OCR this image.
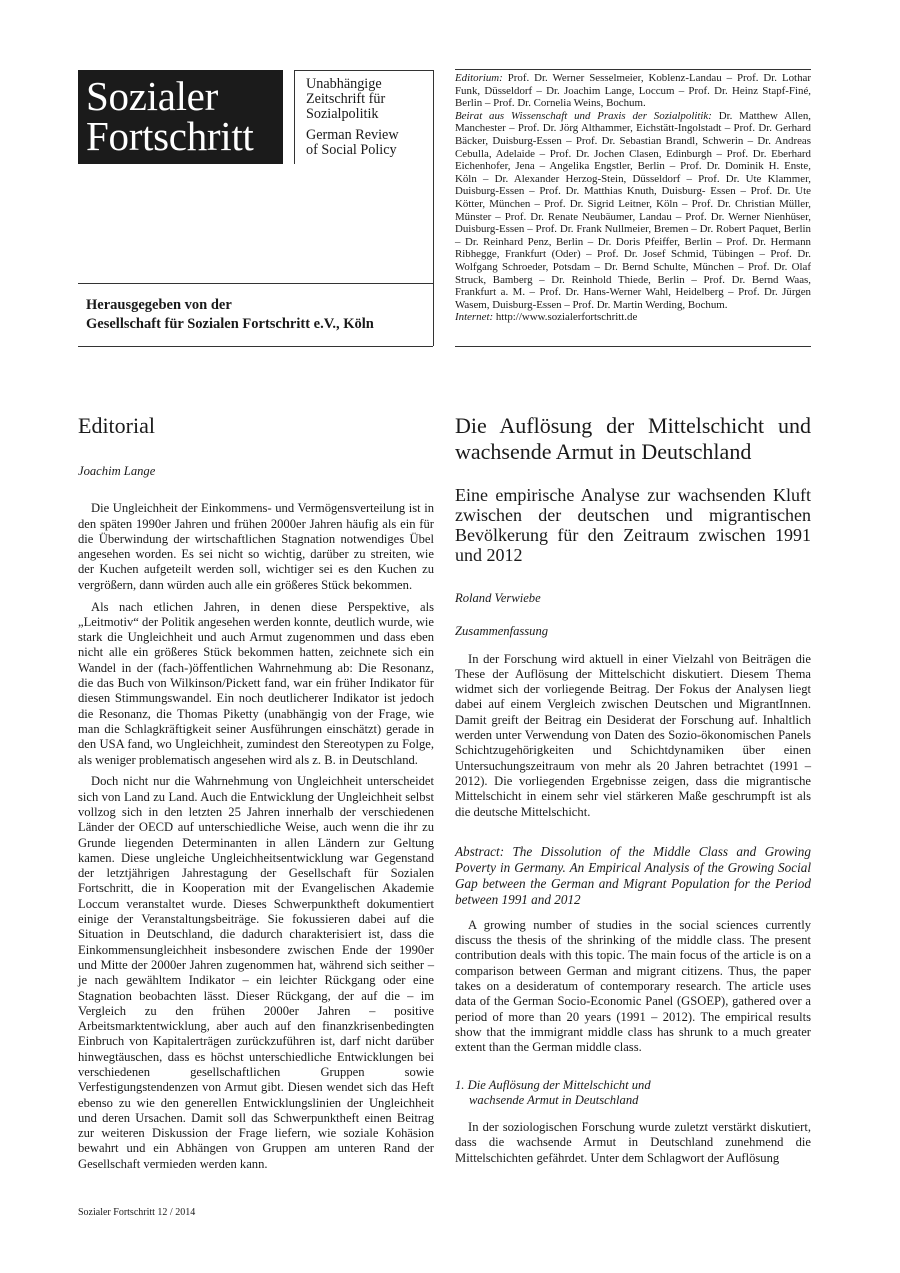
Sozialer
Fortschritt

Unabhängige

Zeitschrift für

Sozialpolitik

German Review

of Social Policy

Herausgegeben von der
Gesellschaft für Sozialen Fortschritt e.V., Köln

Editorium: Prof. Dr. Werner Sesselmeier, Koblenz-Landau – Prof. Dr. Lothar Funk, Düsseldorf – Dr. Joachim Lange, Loccum – Prof. Dr. Heinz Stapf-Finé, Berlin – Prof. Dr. Cornelia Weins, Bochum.

Beirat aus Wissenschaft und Praxis der Sozialpolitik: Dr. Matthew Allen, Manchester – Prof. Dr. Jörg Althammer, Eichstätt-Ingolstadt – Prof. Dr. Gerhard Bäcker, Duisburg-Essen – Prof. Dr. Sebastian Brandl, Schwerin – Dr. Andreas Cebulla, Adelaide – Prof. Dr. Jochen Clasen, Edinburgh – Prof. Dr. Eberhard Eichenhofer, Jena – Angelika Engstler, Berlin – Prof. Dr. Dominik H. Enste, Köln – Dr. Alexander Herzog-Stein, Düsseldorf – Prof. Dr. Ute Klammer, Duisburg-Essen – Prof. Dr. Matthias Knuth, Duisburg- Essen – Prof. Dr. Ute Kötter, München – Prof. Dr. Sigrid Leitner, Köln – Prof. Dr. Christian Müller, Münster – Prof. Dr. Renate Neubäumer, Landau – Prof. Dr. Werner Nienhüser, Duisburg-Essen – Prof. Dr. Frank Nullmeier, Bremen – Dr. Robert Paquet, Berlin – Dr. Reinhard Penz, Berlin – Dr. Doris Pfeiffer, Berlin – Prof. Dr. Hermann Ribhegge, Frankfurt (Oder) – Prof. Dr. Josef Schmid, Tübingen – Prof. Dr. Wolfgang Schroeder, Potsdam – Dr. Bernd Schulte, München – Prof. Dr. Olaf Struck, Bamberg – Dr. Reinhold Thiede, Berlin – Prof. Dr. Bernd Waas, Frankfurt a. M. – Prof. Dr. Hans-Werner Wahl, Heidelberg – Prof. Dr. Jürgen Wasem, Duisburg-Essen – Prof. Dr. Martin Werding, Bochum.

Internet: http://www.sozialerfortschritt.de

Editorial
Joachim Lange

Die Ungleichheit der Einkommens- und Vermögensverteilung ist in den späten 1990er Jahren und frühen 2000er Jahren häufig als ein für die Überwindung der wirtschaftlichen Stagnation notwendiges Übel angesehen worden. Es sei nicht so wichtig, darüber zu streiten, wie der Kuchen aufgeteilt werden soll, wichtiger sei es den Kuchen zu vergrößern, dann würden auch alle ein größeres Stück bekommen.

Als nach etlichen Jahren, in denen diese Perspektive, als „Leitmotiv“ der Politik angesehen werden konnte, deutlich wurde, wie stark die Ungleichheit und auch Armut zugenommen und dass eben nicht alle ein größeres Stück bekommen hatten, zeichnete sich ein Wandel in der (fach-)öffentlichen Wahrnehmung ab: Die Resonanz, die das Buch von Wilkinson/Pickett fand, war ein früher Indikator für diesen Stimmungswandel. Ein noch deutlicherer Indikator ist jedoch die Resonanz, die Thomas Piketty (unabhängig von der Frage, wie man die Schlagkräftigkeit seiner Ausführungen einschätzt) gerade in den USA fand, wo Ungleichheit, zumindest den Stereotypen zu Folge, als weniger problematisch angesehen wird als z. B. in Deutschland.

Doch nicht nur die Wahrnehmung von Ungleichheit unterscheidet sich von Land zu Land. Auch die Entwicklung der Ungleichheit selbst vollzog sich in den letzten 25 Jahren innerhalb der verschiedenen Länder der OECD auf unterschiedliche Weise, auch wenn die ihr zu Grunde liegenden Determinanten in allen Ländern zur Geltung kamen. Diese ungleiche Ungleichheitsentwicklung war Gegenstand der letztjährigen Jahrestagung der Gesellschaft für Sozialen Fortschritt, die in Kooperation mit der Evangelischen Akademie Loccum veranstaltet wurde. Dieses Schwerpunktheft dokumentiert einige der Veranstaltungsbeiträge. Sie fokussieren dabei auf die Situation in Deutschland, die dadurch charakterisiert ist, dass die Einkommensungleichheit insbesondere zwischen Ende der 1990er und Mitte der 2000er Jahren zugenommen hat, während sich seither – je nach gewähltem Indikator – ein leichter Rückgang oder eine Stagnation beobachten lässt. Dieser Rückgang, der auf die – im Vergleich zu den frühen 2000er Jahren – positive Arbeitsmarktentwicklung, aber auch auf den finanzkrisenbedingten Einbruch von Kapitalerträgen zurückzuführen ist, darf nicht darüber hinwegtäuschen, dass es höchst unterschiedliche Entwicklungen bei verschiedenen gesellschaftlichen Gruppen sowie Verfestigungstendenzen von Armut gibt. Diesen wendet sich das Heft ebenso zu wie den generellen Entwicklungslinien der Ungleichheit und deren Ursachen. Damit soll das Schwerpunktheft einen Beitrag zur weiteren Diskussion der Frage liefern, wie soziale Kohäsion bewahrt und ein Abhängen von Gruppen am unteren Rand der Gesellschaft vermieden werden kann.

Die Auflösung der Mittelschicht und wachsende Armut in Deutschland
Eine empirische Analyse zur wachsenden Kluft zwischen der deutschen und migrantischen Bevölkerung für den Zeitraum zwischen 1991 und 2012
Roland Verwiebe
Zusammenfassung

In der Forschung wird aktuell in einer Vielzahl von Beiträgen die These der Auflösung der Mittelschicht diskutiert. Diesem Thema widmet sich der vorliegende Beitrag. Der Fokus der Analysen liegt dabei auf einem Vergleich zwischen Deutschen und MigrantInnen. Damit greift der Beitrag ein Desiderat der Forschung auf. Inhaltlich werden unter Verwendung von Daten des Sozio-ökonomischen Panels Schichtzugehörigkeiten und Schichtdynamiken über einen Untersuchungszeitraum von mehr als 20 Jahren betrachtet (1991 – 2012). Die vorliegenden Ergebnisse zeigen, dass die migrantische Mittelschicht in einem sehr viel stärkeren Maße geschrumpft ist als die deutsche Mittelschicht.

Abstract: The Dissolution of the Middle Class and Growing Poverty in Germany. An Empirical Analysis of the Growing Social Gap between the German and Migrant Population for the Period between 1991 and 2012

A growing number of studies in the social sciences currently discuss the thesis of the shrinking of the middle class. The present contribution deals with this topic. The main focus of the article is on a comparison between German and migrant citizens. Thus, the paper takes on a desideratum of contemporary research. The article uses data of the German Socio-Economic Panel (GSOEP), gathered over a period of more than 20 years (1991 – 2012). The empirical results show that the immigrant middle class has shrunk to a much greater extent than the German middle class.

1. Die Auflösung der Mittelschicht und
wachsende Armut in Deutschland

In der soziologischen Forschung wurde zuletzt verstärkt diskutiert, dass die wachsende Armut in Deutschland zunehmend die Mittelschichten gefährdet. Unter dem Schlagwort der Auflösung

Sozialer Fortschritt 12 / 2014
